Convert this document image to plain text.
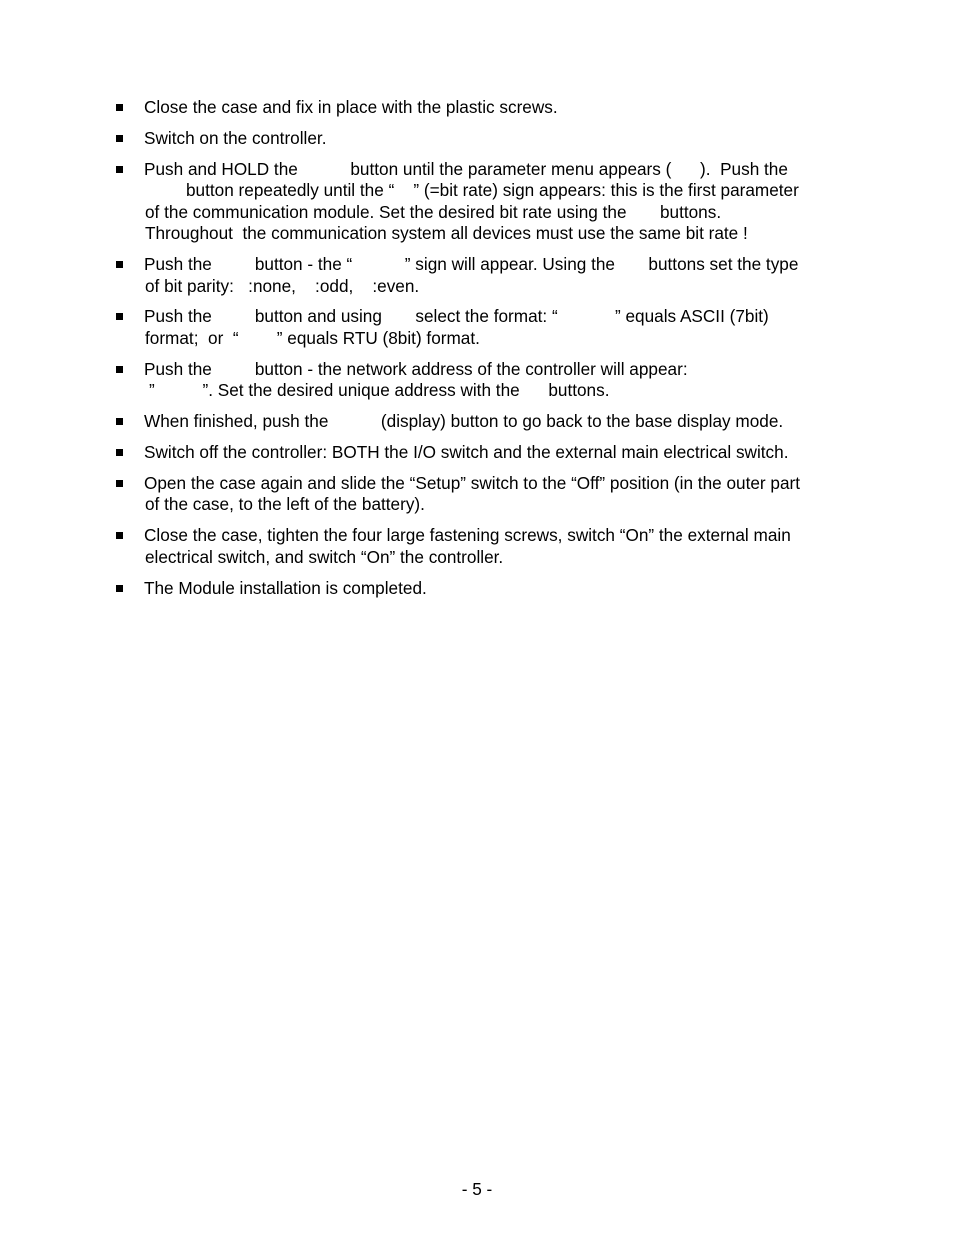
Close the case and fix in place with the plastic screws.
Switch on the controller.
Push and HOLD the           button until the parameter menu appears (      ).  Push the
button repeatedly until the “    ” (=bit rate) sign appears: this is the first parameter
of the communication module. Set the desired bit rate using the       buttons.
Throughout  the communication system all devices must use the same bit rate !
Push the         button - the “           ” sign will appear. Using the       buttons set the type
of bit parity:   :none,    :odd,    :even.
Push the         button and using       select the format: “            ” equals ASCII (7bit)
format;  or  “        ” equals RTU (8bit) format.
Push the         button - the network address of the controller will appear:
”          ”. Set the desired unique address with the      buttons.
When finished, push the           (display) button to go back to the base display mode.
Switch off the controller: BOTH the I/O switch and the external main electrical switch.
Open the case again and slide the “Setup” switch to the “Off” position (in the outer part
of the case, to the left of the battery).
Close the case, tighten the four large fastening screws, switch “On” the external main
electrical switch, and switch “On” the controller.
The Module installation is completed.
- 5 -
